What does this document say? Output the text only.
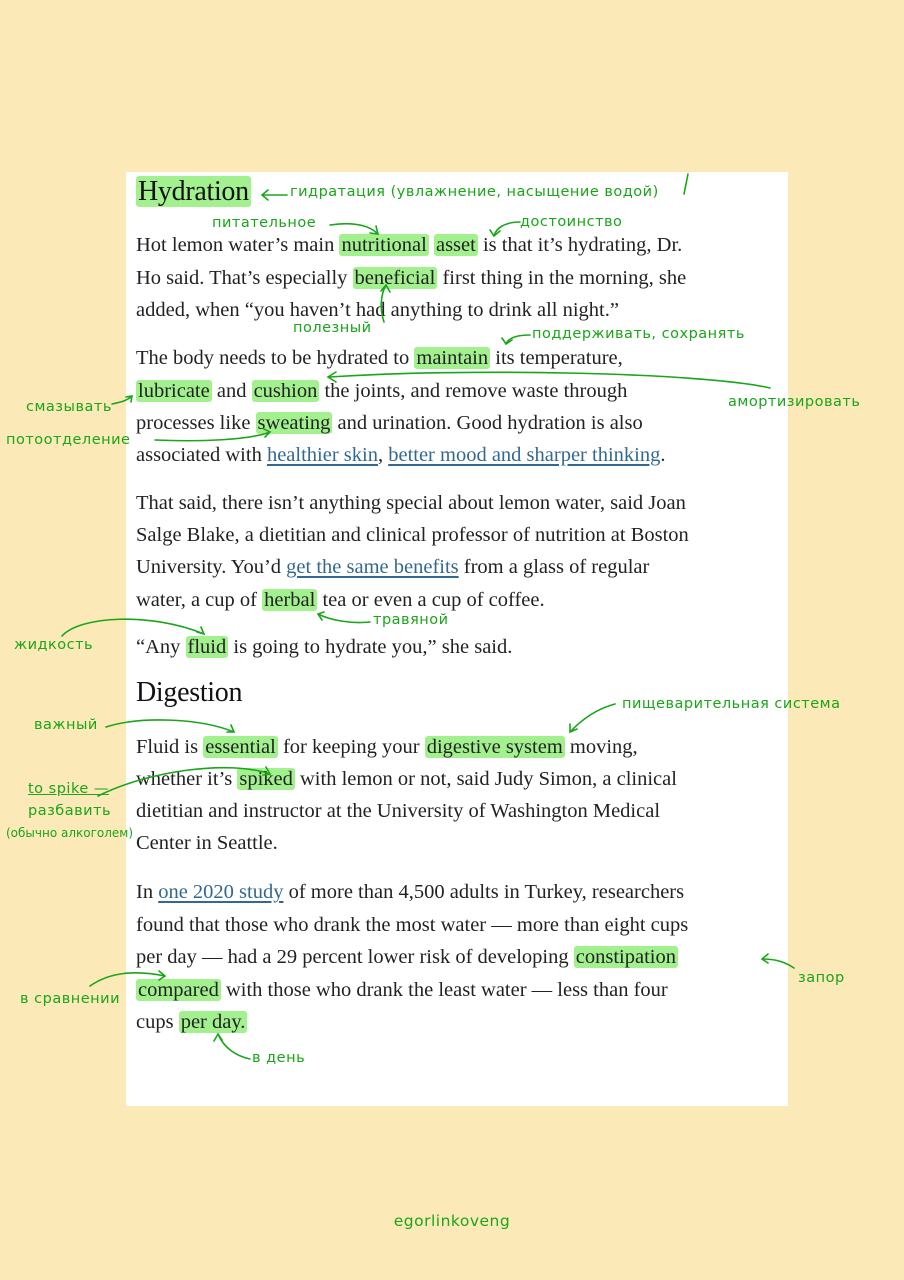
Hydration
Hot lemon water’s main nutritional asset is that it’s hydrating, Dr.
Ho said. That’s especially beneficial first thing in the morning, she
added, when “you haven’t had anything to drink all night.”
The body needs to be hydrated to maintain its temperature,
lubricate and cushion the joints, and remove waste through
processes like sweating and urination. Good hydration is also
associated with healthier skin, better mood and sharper thinking.
That said, there isn’t anything special about lemon water, said Joan
Salge Blake, a dietitian and clinical professor of nutrition at Boston
University. You’d get the same benefits from a glass of regular
water, a cup of herbal tea or even a cup of coffee.
“Any fluid is going to hydrate you,” she said.
Digestion
Fluid is essential for keeping your digestive system moving,
whether it’s spiked with lemon or not, said Judy Simon, a clinical
dietitian and instructor at the University of Washington Medical
Center in Seattle.
In one 2020 study of more than 4,500 adults in Turkey, researchers
found that those who drank the most water — more than eight cups
per day — had a 29 percent lower risk of developing constipation
compared with those who drank the least water — less than four
cups per day.
гидратация (увлажнение, насыщение водой)
питательное	достоинство
полезный	поддерживать, сохранять
смазывать	амортизировать
потоотделение
травяной
жидкость
пищеварительная система
важный
to spike —
разбавить
(обычно алкоголем)
запор
в сравнении
в день
egorlinkoveng
